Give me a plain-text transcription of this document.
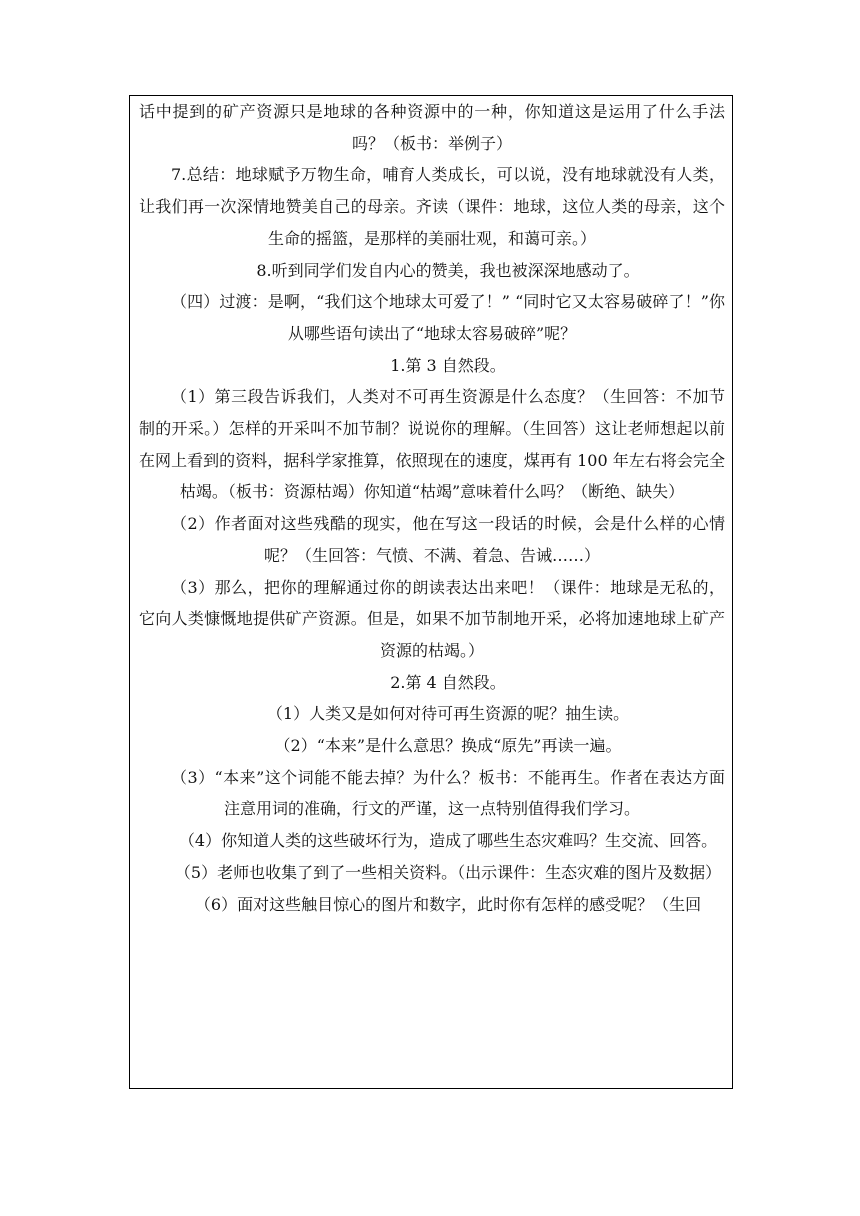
话中提到的矿产资源只是地球的各种资源中的一种，你知道这是运用了什么手法吗？（板书：举例子）

7.总结：地球赋予万物生命，哺育人类成长，可以说，没有地球就没有人类，让我们再一次深情地赞美自己的母亲。齐读（课件：地球，这位人类的母亲，这个生命的摇篮，是那样的美丽壮观，和蔼可亲。）

8.听到同学们发自内心的赞美，我也被深深地感动了。

（四）过渡：是啊，“我们这个地球太可爱了！” “同时它又太容易破碎了！”你从哪些语句读出了“地球太容易破碎”呢？

1.第 3 自然段。

（1）第三段告诉我们，人类对不可再生资源是什么态度？（生回答：不加节制的开采。）怎样的开采叫不加节制？说说你的理解。（生回答）这让老师想起以前在网上看到的资料，据科学家推算，依照现在的速度，煤再有 100 年左右将会完全枯竭。（板书：资源枯竭）你知道“枯竭”意味着什么吗？（断绝、缺失）

（2）作者面对这些残酷的现实，他在写这一段话的时候，会是什么样的心情呢？（生回答：气愤、不满、着急、告诫……）

（3）那么，把你的理解通过你的朗读表达出来吧！（课件：地球是无私的，它向人类慷慨地提供矿产资源。但是，如果不加节制地开采，必将加速地球上矿产资源的枯竭。）

2.第 4 自然段。

（1）人类又是如何对待可再生资源的呢？抽生读。

（2）“本来”是什么意思？换成“原先”再读一遍。

（3）“本来”这个词能不能去掉？为什么？板书：不能再生。作者在表达方面注意用词的准确，行文的严谨，这一点特别值得我们学习。

（4）你知道人类的这些破坏行为，造成了哪些生态灾难吗？生交流、回答。

（5）老师也收集了到了一些相关资料。（出示课件：生态灾难的图片及数据）

（6）面对这些触目惊心的图片和数字，此时你有怎样的感受呢？（生回
